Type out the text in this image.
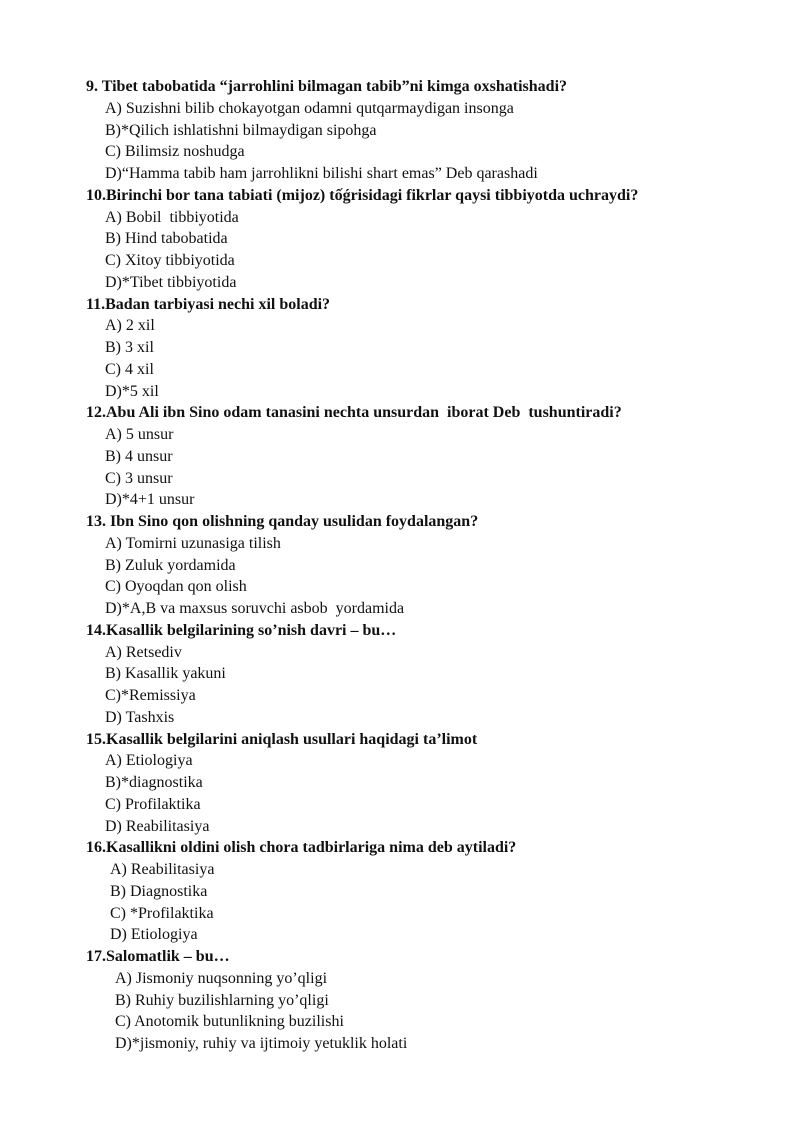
9. Tibet tabobatida “jarrohlini bilmagan tabib”ni kimga oxshatishadi?
A) Suzishni bilib chokayotgan odamni qutqarmaydigan insonga
B)*Qilich ishlatishni bilmaydigan sipohga
C) Bilimsiz noshudga
D)“Hamma tabib ham jarrohlikni bilishi shart emas” Deb qarashadi
10.Birinchi bor tana tabiati (mijoz) tốǵrisidagi fikrlar qaysi tibbiyotda uchraydi?
A) Bobil  tibbiyotida
B) Hind tabobatida
C) Xitoy tibbiyotida
D)*Tibet tibbiyotida
11.Badan tarbiyasi nechi xil boladi?
A) 2 xil
B) 3 xil
C) 4 xil
D)*5 xil
12.Abu Ali ibn Sino odam tanasini nechta unsurdan  iborat Deb  tushuntiradi?
A) 5 unsur
B) 4 unsur
C) 3 unsur
D)*4+1 unsur
13. Ibn Sino qon olishning qanday usulidan foydalangan?
A) Tomirni uzunasiga tilish
B) Zuluk yordamida
C) Oyoqdan qon olish
D)*A,B va maxsus soruvchi asbob  yordamida
14.Kasallik belgilarining so’nish davri – bu…
A) Retsediv
B) Kasallik yakuni
C)*Remissiya
D) Tashxis
15.Kasallik belgilarini aniqlash usullari haqidagi ta’limot
A) Etiologiya
B)*diagnostika
C) Profilaktika
D) Reabilitasiya
16.Kasallikni oldini olish chora tadbirlariga nima deb aytiladi?
A) Reabilitasiya
B) Diagnostika
C) *Profilaktika
D) Etiologiya
17.Salomatlik – bu…
A) Jismoniy nuqsonning yo’qligi
B) Ruhiy buzilishlarning yo’qligi
C) Anotomik butunlikning buzilishi
D)*jismoniy, ruhiy va ijtimoiy yetuklik holati
